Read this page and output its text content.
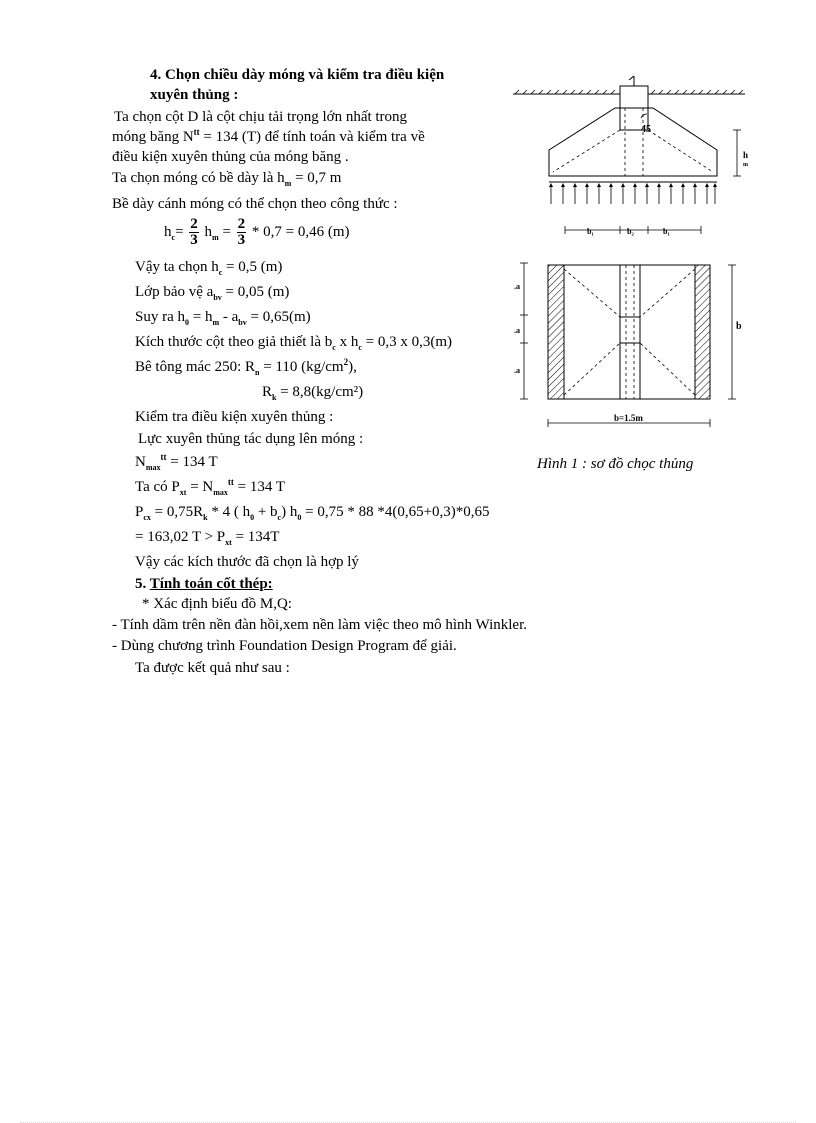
4. Chọn chiều dày móng và kiểm tra điều kiện
xuyên thủng :
Ta chọn cột D là cột chịu tải trọng lớn nhất trong
móng băng $N^{tt} = 134$ (T) để tính toán và kiểm tra về
điều kiện xuyên thủng của móng băng .
Ta chọn móng có bề dày là $h_m = 0,7$ m
Bề dày cánh móng có thể chọn theo công thức :
$h_c= \frac{2}{3} h_m = \frac{2}{3} * 0,7 = 0,46$ (m)
Vậy ta chọn $h_c = 0,5$ (m)
Lớp bảo vệ $a_{bv} = 0,05$ (m)
Suy ra $h_0 = h_m - a_{bv} = 0,65(m)$
Kích thước cột theo giả thiết là $b_c$ x $h_c = 0,3$ x 0,3(m)
Bê tông mác 250: $R_n = 110$ $(kg/cm^2)$,
$R_k = 8,8(kg/cm^2)$
Kiểm tra điều kiện xuyên thủng :
Lực xuyên thủng tác dụng lên móng :
$N_{max}^{tt} = 134$ T
Ta có $P_{xt} = N_{max}^{tt} = 134$ T
$P_{cx} = 0,75R_k * 4$ ( $h_0 + b_c$) $h_0 = 0,75 * 88$ *4(0,65+0,3)*0,65
= 163,02 $T > P_{xt} = 134T$
Vậy các kích thước đã chọn là hợp lý
5. Tính toán cốt thép:
* Xác định biểu đồ M,Q:
- Tính dầm trên nền đàn hồi,xem nền làm việc theo mô hình Winkler.
- Dùng chương trình Foundation Design Program để giải.
Ta được kết quả như sau :
45
h m
b₁	b₂	b₁
.a
.a
.a
b
b=1.5m
Hình 1 : sơ đồ chọc thủng
